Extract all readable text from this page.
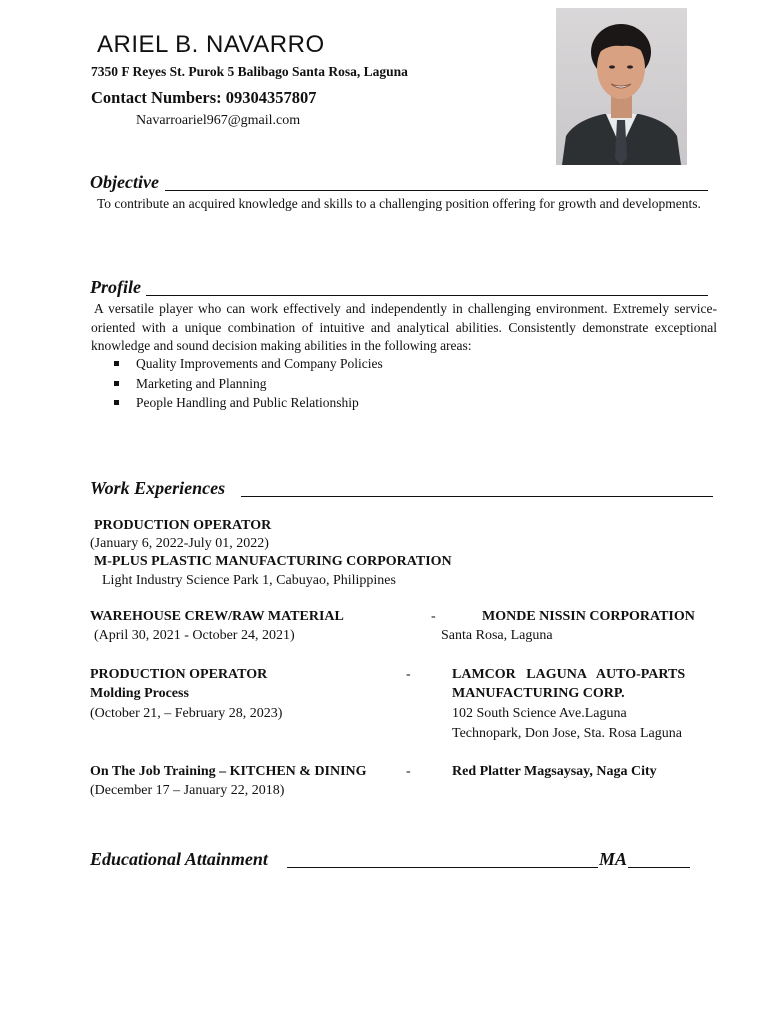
ARIEL B. NAVARRO
7350 F Reyes St. Purok 5 Balibago Santa Rosa, Laguna
Contact Numbers: 09304357807
Navarroariel967@gmail.com
Objective
To contribute an acquired knowledge and skills to a challenging position offering for growth and developments.
Profile
A versatile player who can work effectively and independently in challenging environment. Extremely service-oriented with a unique combination of intuitive and analytical abilities. Consistently demonstrate exceptional knowledge and sound decision making abilities in the following areas:
Quality Improvements and Company Policies
Marketing and Planning
People Handling and Public Relationship
Work Experiences
PRODUCTION OPERATOR
(January 6, 2022-July 01, 2022)
M-PLUS PLASTIC MANUFACTURING CORPORATION
Light Industry Science Park 1, Cabuyao, Philippines
WAREHOUSE CREW/RAW MATERIAL	-	MONDE NISSIN CORPORATION
(April 30, 2021 - October 24, 2021)	Santa Rosa, Laguna
PRODUCTION OPERATOR	-	LAMCOR   LAGUNA   AUTO-PARTS
Molding Process	MANUFACTURING CORP.
(October 21, – February 28, 2023)	102 South Science Ave.Laguna
Technopark, Don Jose, Sta. Rosa Laguna
On The Job Training – KITCHEN & DINING	-	Red Platter Magsaysay, Naga City
(December 17 – January 22, 2018)
Educational Attainment	MA
